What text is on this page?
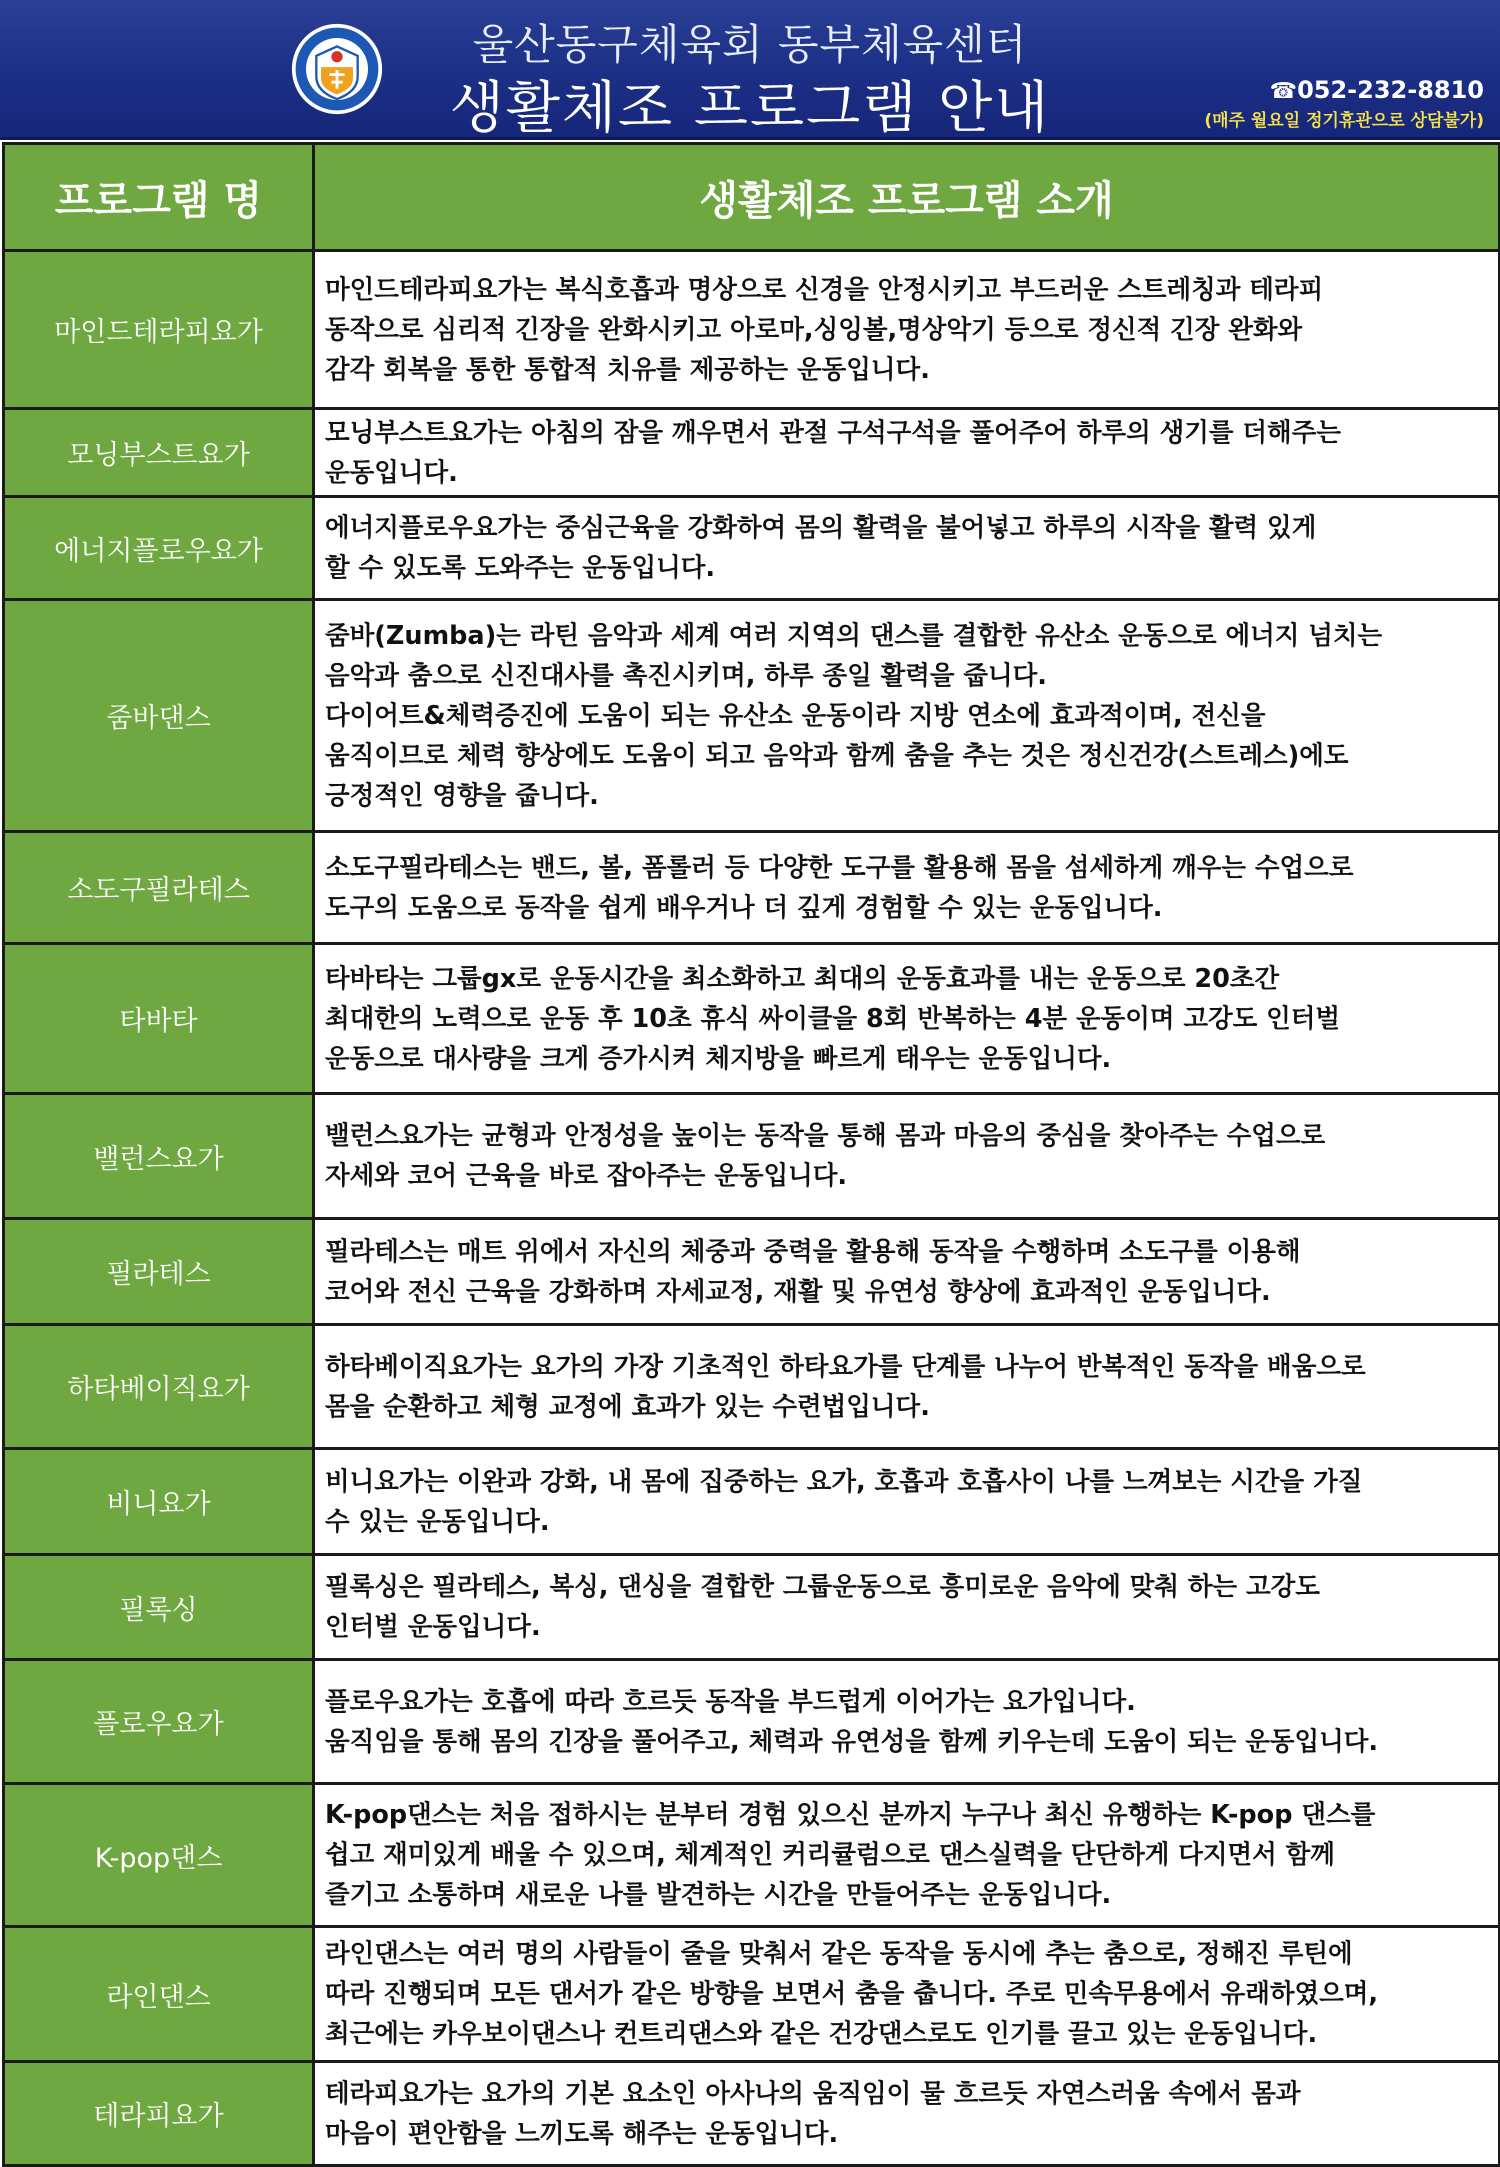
울산동구체육회 동부체육센터
생활체조 프로그램 안내	☎052-232-8810
(매주 월요일 정기휴관으로 상담불가)
프로그램 명	생활체조 프로그램 소개
마인드테라피요가	마인드테라피요가는 복식호흡과 명상으로 신경을 안정시키고 부드러운 스트레칭과 테라피
동작으로 심리적 긴장을 완화시키고 아로마,싱잉볼,명상악기 등으로 정신적 긴장 완화와
감각 회복을 통한 통합적 치유를 제공하는 운동입니다.
모닝부스트요가	모닝부스트요가는 아침의 잠을 깨우면서 관절 구석구석을 풀어주어 하루의 생기를 더해주는
운동입니다.
에너지플로우요가	에너지플로우요가는 중심근육을 강화하여 몸의 활력을 불어넣고 하루의 시작을 활력 있게
할 수 있도록 도와주는 운동입니다.
줌바댄스	줌바(Zumba)는 라틴 음악과 세계 여러 지역의 댄스를 결합한 유산소 운동으로 에너지 넘치는
음악과 춤으로 신진대사를 촉진시키며, 하루 종일 활력을 줍니다.
다이어트&체력증진에 도움이 되는 유산소 운동이라 지방 연소에 효과적이며, 전신을
움직이므로 체력 향상에도 도움이 되고 음악과 함께 춤을 추는 것은 정신건강(스트레스)에도
긍정적인 영향을 줍니다.
소도구필라테스	소도구필라테스는 밴드, 볼, 폼롤러 등 다양한 도구를 활용해 몸을 섬세하게 깨우는 수업으로
도구의 도움으로 동작을 쉽게 배우거나 더 깊게 경험할 수 있는 운동입니다.
타바타	타바타는 그룹gx로 운동시간을 최소화하고 최대의 운동효과를 내는 운동으로 20초간
최대한의 노력으로 운동 후 10초 휴식 싸이클을 8회 반복하는 4분 운동이며 고강도 인터벌
운동으로 대사량을 크게 증가시켜 체지방을 빠르게 태우는 운동입니다.
밸런스요가	밸런스요가는 균형과 안정성을 높이는 동작을 통해 몸과 마음의 중심을 찾아주는 수업으로
자세와 코어 근육을 바로 잡아주는 운동입니다.
필라테스	필라테스는 매트 위에서 자신의 체중과 중력을 활용해 동작을 수행하며 소도구를 이용해
코어와 전신 근육을 강화하며 자세교정, 재활 및 유연성 향상에 효과적인 운동입니다.
하타베이직요가	하타베이직요가는 요가의 가장 기초적인 하타요가를 단계를 나누어 반복적인 동작을 배움으로
몸을 순환하고 체형 교정에 효과가 있는 수련법입니다.
비니요가	비니요가는 이완과 강화, 내 몸에 집중하는 요가, 호흡과 호흡사이 나를 느껴보는 시간을 가질
수 있는 운동입니다.
필록싱	필록싱은 필라테스, 복싱, 댄싱을 결합한 그룹운동으로 흥미로운 음악에 맞춰 하는 고강도
인터벌 운동입니다.
플로우요가	플로우요가는 호흡에 따라 흐르듯 동작을 부드럽게 이어가는 요가입니다.
움직임을 통해 몸의 긴장을 풀어주고, 체력과 유연성을 함께 키우는데 도움이 되는 운동입니다.
K-pop댄스	K-pop댄스는 처음 접하시는 분부터 경험 있으신 분까지 누구나 최신 유행하는 K-pop 댄스를
쉽고 재미있게 배울 수 있으며, 체계적인 커리큘럼으로 댄스실력을 단단하게 다지면서 함께
즐기고 소통하며 새로운 나를 발견하는 시간을 만들어주는 운동입니다.
라인댄스	라인댄스는 여러 명의 사람들이 줄을 맞춰서 같은 동작을 동시에 추는 춤으로, 정해진 루틴에
따라 진행되며 모든 댄서가 같은 방향을 보면서 춤을 춥니다. 주로 민속무용에서 유래하였으며,
최근에는 카우보이댄스나 컨트리댄스와 같은 건강댄스로도 인기를 끌고 있는 운동입니다.
테라피요가	테라피요가는 요가의 기본 요소인 아사나의 움직임이 물 흐르듯 자연스러움 속에서 몸과
마음이 편안함을 느끼도록 해주는 운동입니다.
